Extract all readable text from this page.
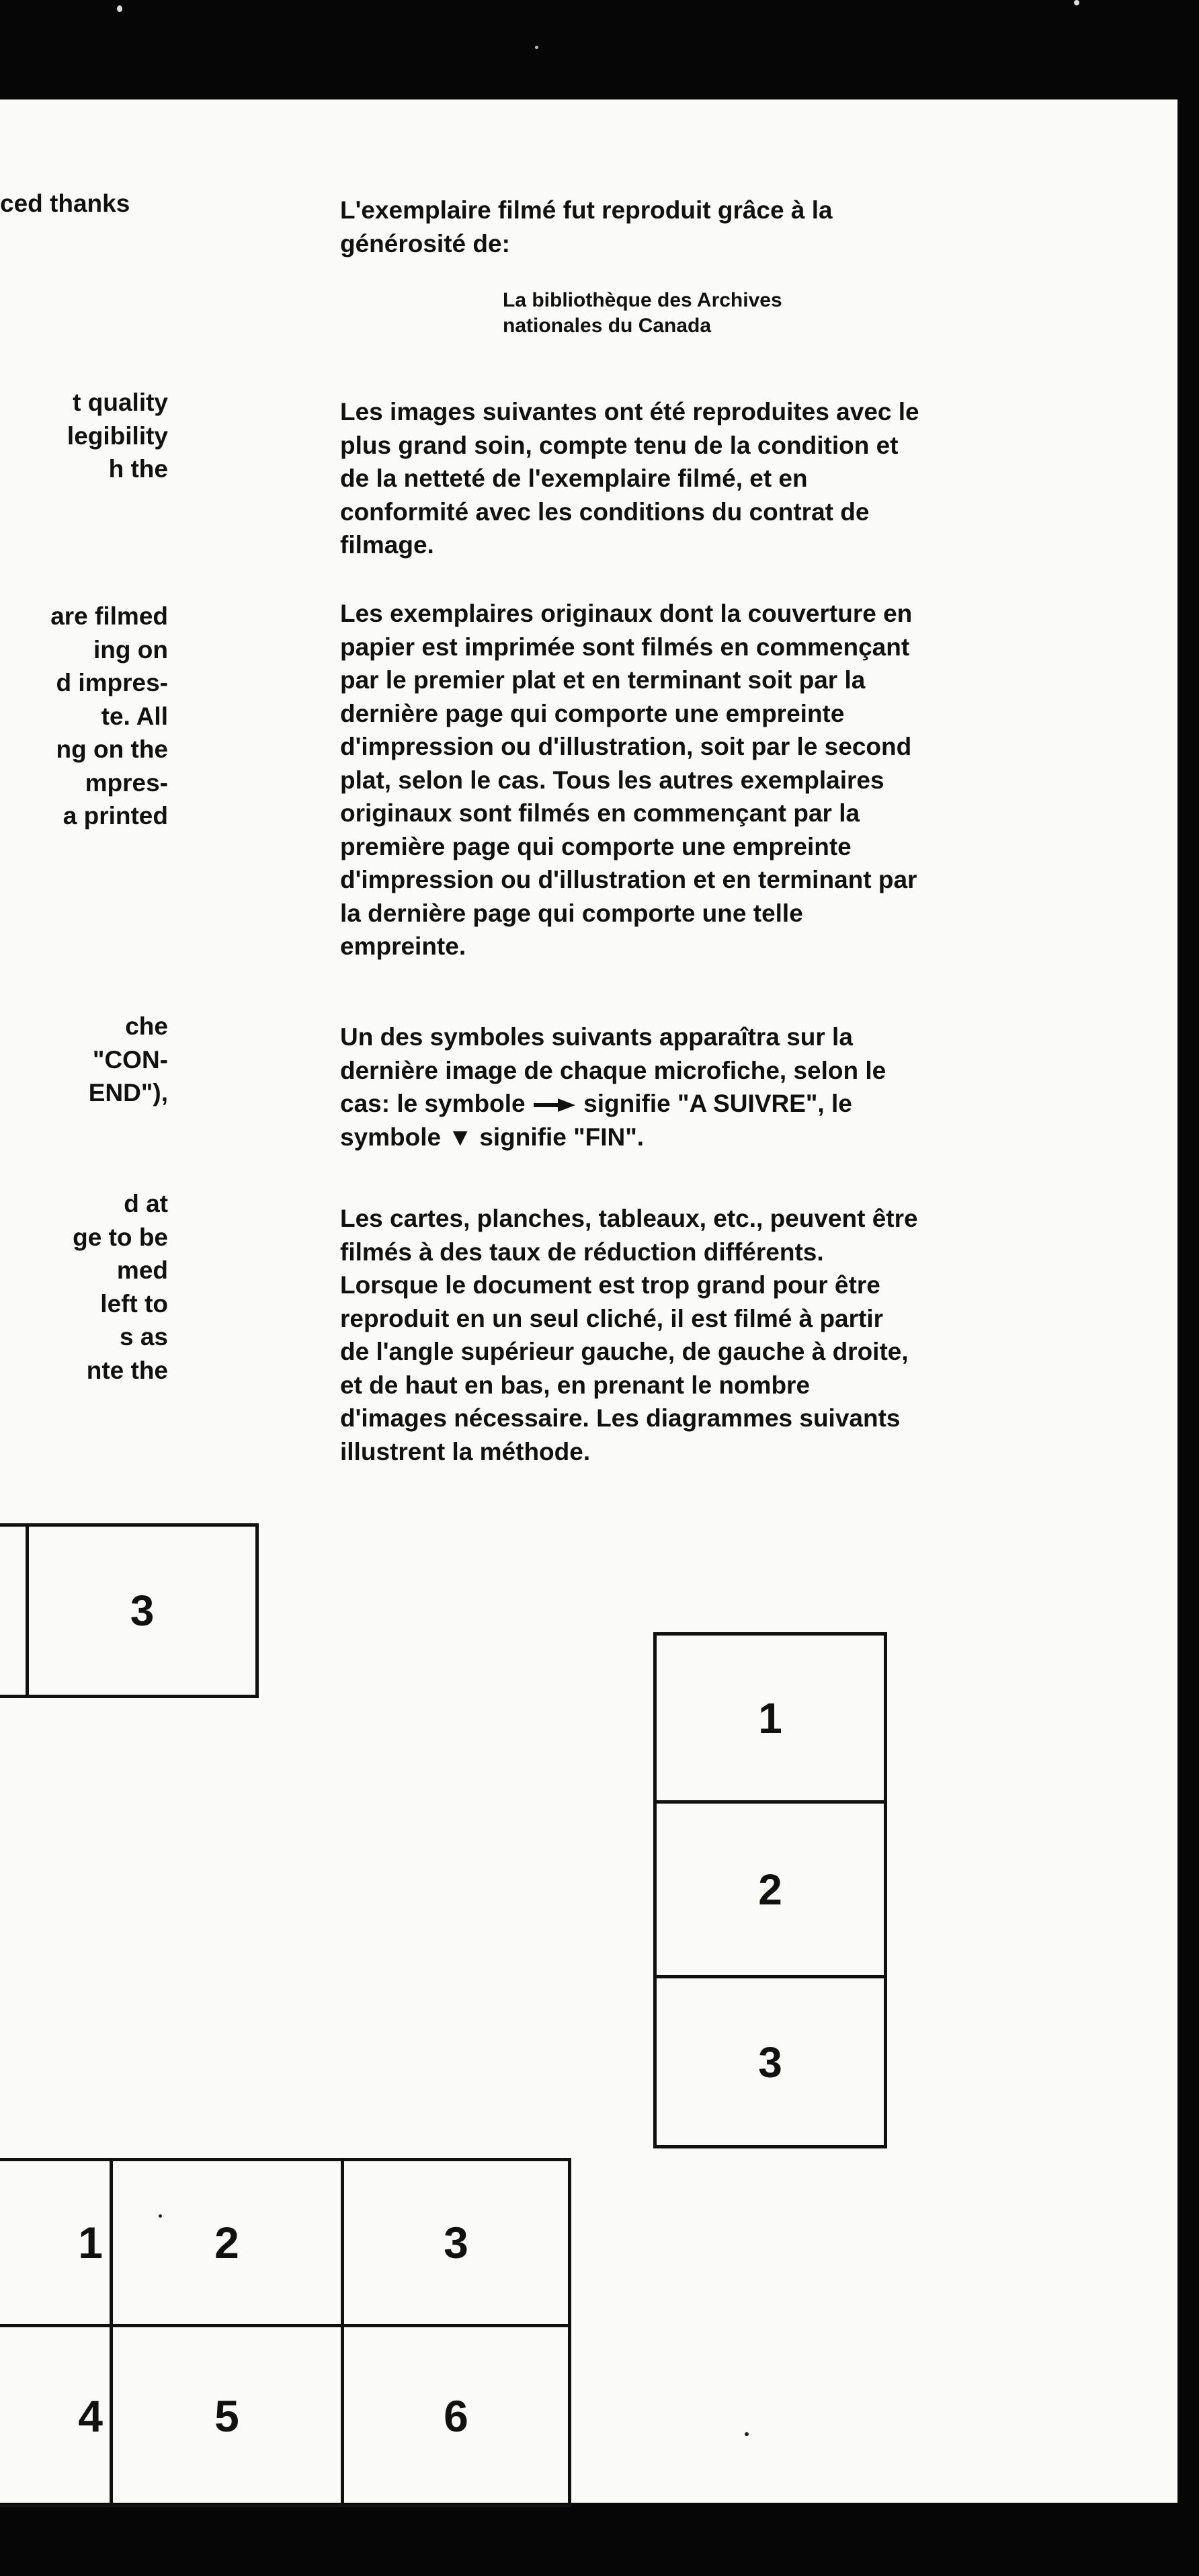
ced thanks
t quality
legibility
h the
are filmed
ing on
d impres-
te. All
ng on the
mpres-
a printed
che
"CON-
END"),
d at
ge to be
med
left to
s as
nte the
L'exemplaire filmé fut reproduit grâce à la
générosité de:
La bibliothèque des Archives
nationales du Canada
Les images suivantes ont été reproduites avec le
plus grand soin, compte tenu de la condition et
de la netteté de l'exemplaire filmé, et en
conformité avec les conditions du contrat de
filmage.
Les exemplaires originaux dont la couverture en
papier est imprimée sont filmés en commençant
par le premier plat et en terminant soit par la
dernière page qui comporte une empreinte
d'impression ou d'illustration, soit par le second
plat, selon le cas. Tous les autres exemplaires
originaux sont filmés en commençant par la
première page qui comporte une empreinte
d'impression ou d'illustration et en terminant par
la dernière page qui comporte une telle
empreinte.
Un des symboles suivants apparaîtra sur la
dernière image de chaque microfiche, selon le
cas: le symbole signifie "A SUIVRE", le
symbole ▼ signifie "FIN".
Les cartes, planches, tableaux, etc., peuvent être
filmés à des taux de réduction différents.
Lorsque le document est trop grand pour être
reproduit en un seul cliché, il est filmé à partir
de l'angle supérieur gauche, de gauche à droite,
et de haut en bas, en prenant le nombre
d'images nécessaire. Les diagrammes suivants
illustrent la méthode.
3
1
2
3
1	2	3
4	5	6
